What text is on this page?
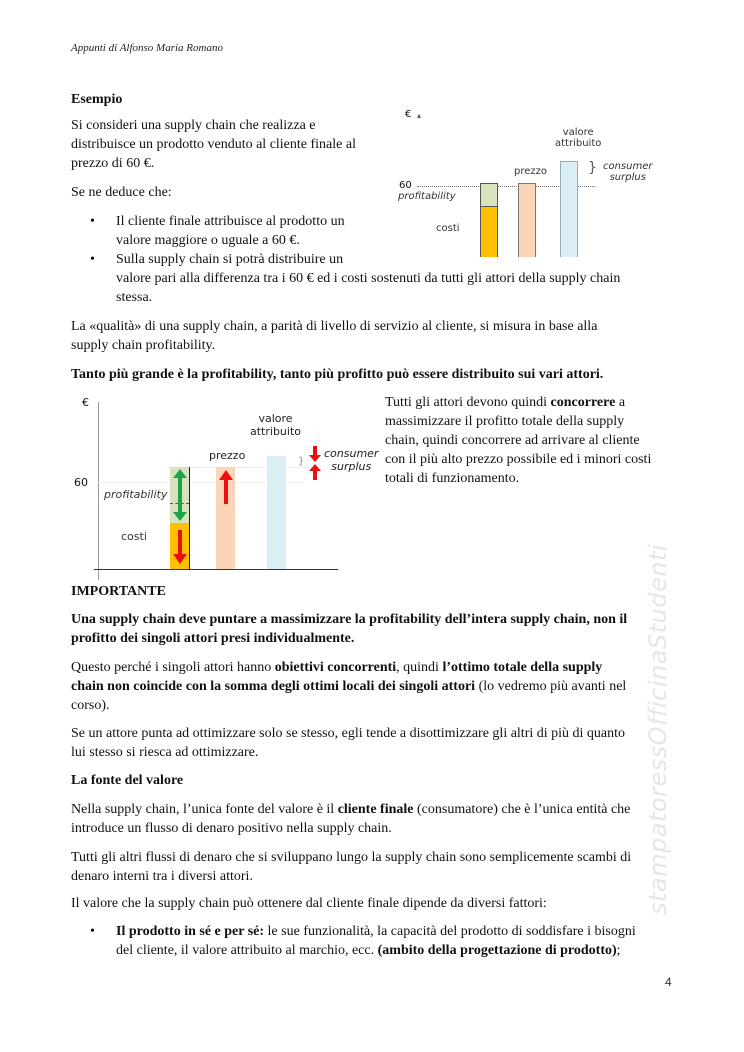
Appunti di Alfonso Maria Romano
Esempio
Si consideri una supply chain che realizza e
distribuisce un prodotto venduto al cliente finale al
prezzo di 60 €.
Se ne deduce che:
• Il cliente finale attribuisce al prodotto un
valore maggiore o uguale a 60 €.
• Sulla supply chain si potrà distribuire un
valore pari alla differenza tra i 60 € ed i costi sostenuti da tutti gli attori della supply chain
stessa.
€ ▴
60
profitability
costi
prezzo
valore
attribuito
} consumer
surplus
La «qualità» di una supply chain, a parità di livello di servizio al cliente, si misura in base alla
supply chain profitability.
Tanto più grande è la profitability, tanto più profitto può essere distribuito sui vari attori.
€
60
profitability
costi
prezzo
valore
attribuito
}
consumer
surplus
Tutti gli attori devono quindi concorrere a
massimizzare il profitto totale della supply
chain, quindi concorrere ad arrivare al cliente
con il più alto prezzo possibile ed i minori costi
totali di funzionamento.
stampatoressOfficinaStudenti
IMPORTANTE
Una supply chain deve puntare a massimizzare la profitability dell’intera supply chain, non il
profitto dei singoli attori presi individualmente.
Questo perché i singoli attori hanno obiettivi concorrenti, quindi l’ottimo totale della supply
chain non coincide con la somma degli ottimi locali dei singoli attori (lo vedremo più avanti nel
corso).
Se un attore punta ad ottimizzare solo se stesso, egli tende a disottimizzare gli altri di più di quanto
lui stesso si riesca ad ottimizzare.
La fonte del valore
Nella supply chain, l’unica fonte del valore è il cliente finale (consumatore) che è l’unica entità che
introduce un flusso di denaro positivo nella supply chain.
Tutti gli altri flussi di denaro che si sviluppano lungo la supply chain sono semplicemente scambi di
denaro interni tra i diversi attori.
Il valore che la supply chain può ottenere dal cliente finale dipende da diversi fattori:
• Il prodotto in sé e per sé: le sue funzionalità, la capacità del prodotto di soddisfare i bisogni
del cliente, il valore attribuito al marchio, ecc. (ambito della progettazione di prodotto);
4
